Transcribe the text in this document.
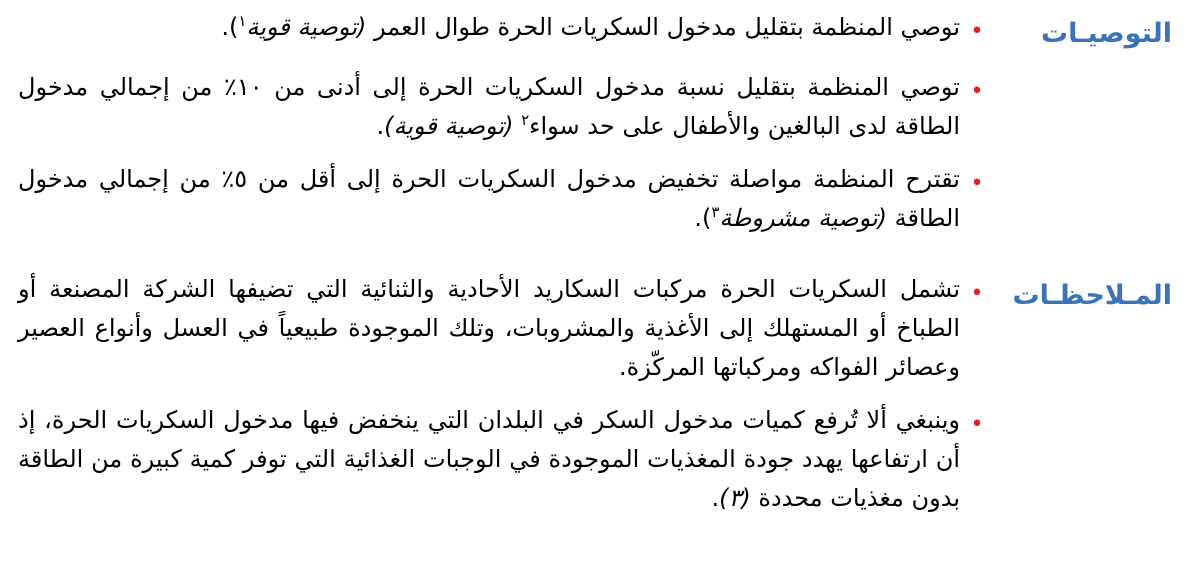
التوصيـات
•
توصي المنظمة بتقليل مدخول السكريات الحرة طوال العمر (توصية قوية$^١$).
•
توصي المنظمة بتقليل نسبة مدخول السكريات الحرة إلى أدنى من ١٠٪ من إجمالي مدخول الطاقة لدى البالغين والأطفال على حد سواء$^٢$ (توصية قوية).
•
تقترح المنظمة مواصلة تخفيض مدخول السكريات الحرة إلى أقل من ٥٪ من إجمالي مدخول الطاقة (توصية مشروطة$^٣$).
المـلاحظـات
•
تشمل السكريات الحرة مركبات السكاريد الأحادية والثنائية التي تضيفها الشركة المصنعة أو الطباخ أو المستهلك إلى الأغذية والمشروبات، وتلك الموجودة طبيعياً في العسل وأنواع العصير وعصائر الفواكه ومركباتها المركّزة.
•
وينبغي ألا تُرفع كميات مدخول السكر في البلدان التي ينخفض فيها مدخول السكريات الحرة، إذ أن ارتفاعها يهدد جودة المغذيات الموجودة في الوجبات الغذائية التي توفر كمية كبيرة من الطاقة بدون مغذيات محددة (٣).
